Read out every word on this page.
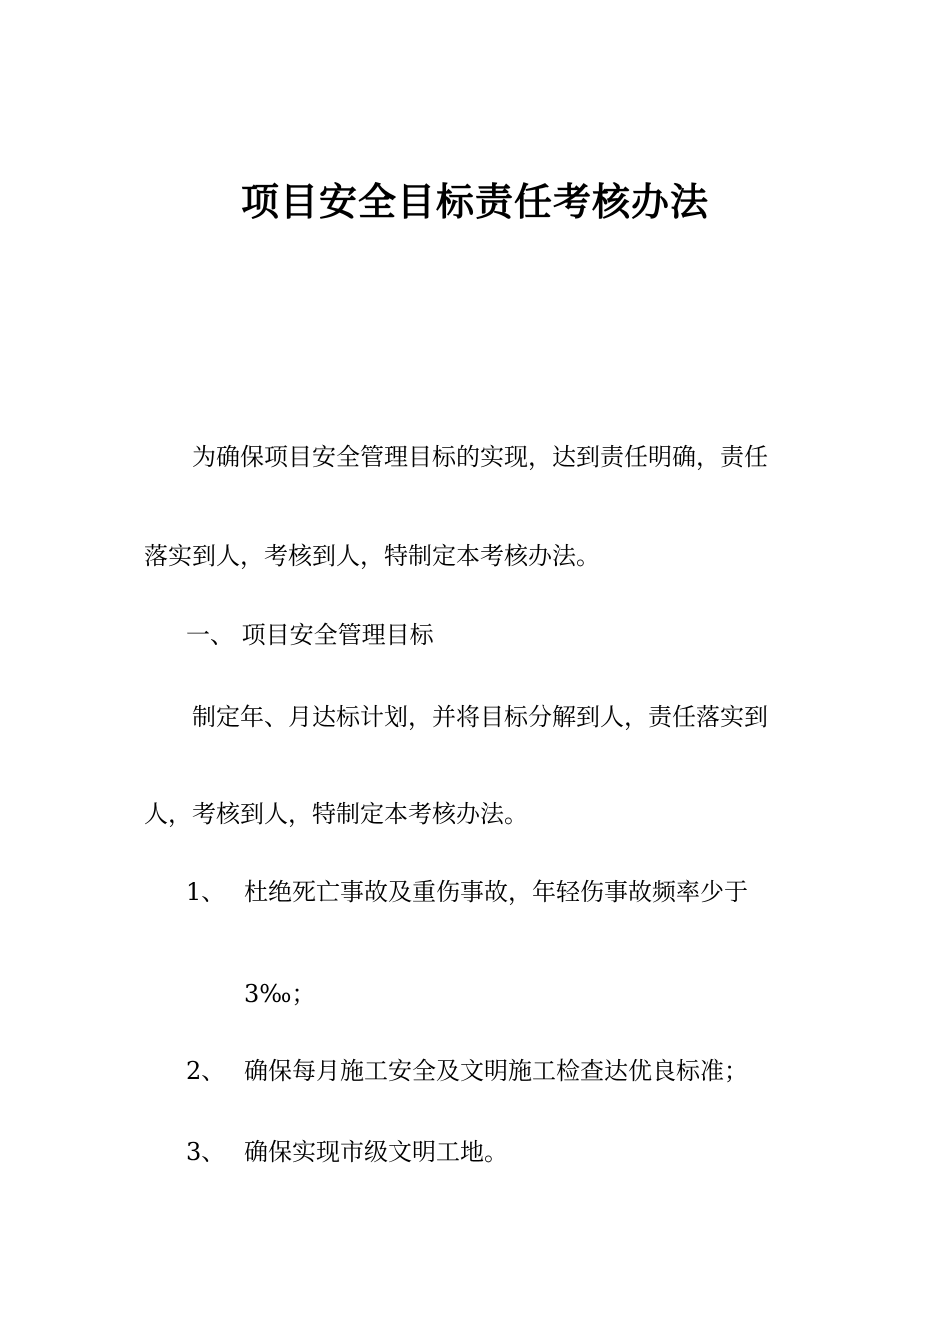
项目安全目标责任考核办法
为确保项目安全管理目标的实现，达到责任明确，责任
落实到人，考核到人，特制定本考核办法。
一、 项目安全管理目标
制定年、月达标计划，并将目标分解到人，责任落实到
人，考核到人，特制定本考核办法。
1、 杜绝死亡事故及重伤事故，年轻伤事故频率少于
3‰；
2、 确保每月施工安全及文明施工检查达优良标准；
3、 确保实现市级文明工地。
